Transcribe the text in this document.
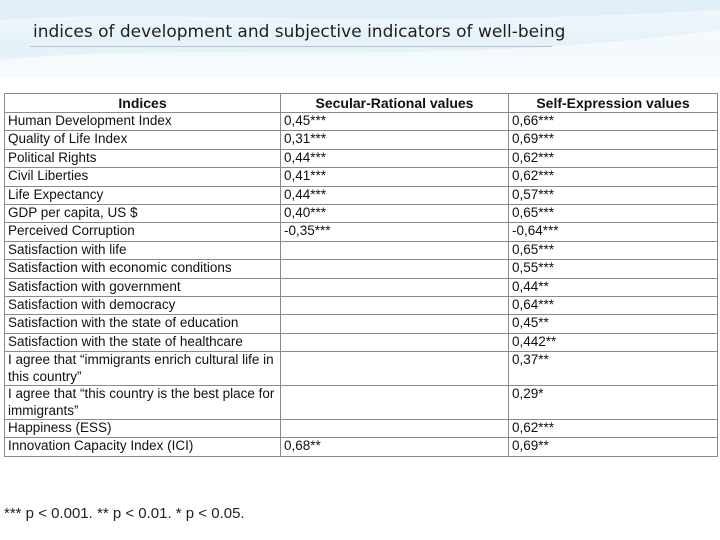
indices of development and subjective indicators of well-being
Indices	Secular-Rational values	Self-Expression values
Human Development Index	0,45***	0,66***
Quality of Life Index	0,31***	0,69***
Political Rights	0,44***	0,62***
Civil Liberties	0,41***	0,62***
Life Expectancy	0,44***	0,57***
GDP per capita, US $	0,40***	0,65***
Perceived Corruption	-0,35***	-0,64***
Satisfaction with life		0,65***
Satisfaction with economic conditions		0,55***
Satisfaction with government		0,44**
Satisfaction with democracy		0,64***
Satisfaction with the state of education		0,45**
Satisfaction with the state of healthcare		0,442**
I agree that “immigrants enrich cultural life in this country”		0,37**
I agree that “this country is the best place for immigrants”		0,29*
Happiness (ESS)		0,62***
Innovation Capacity Index (ICI)	0,68**	0,69**

*** p < 0.001. ** p < 0.01. * p < 0.05.
